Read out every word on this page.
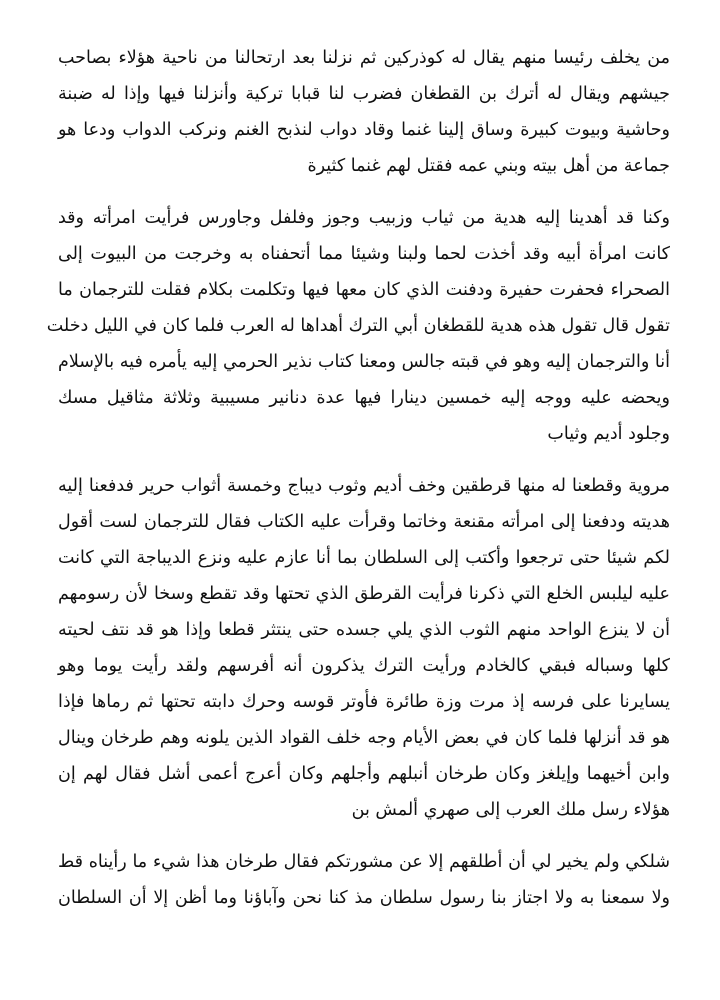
من يخلف رئيسا منهم يقال له كوذركين ثم نزلنا بعد ارتحالنا من ناحية هؤلاء بصاحب
جيشهم ويقال له أترك بن القطغان فضرب لنا قبابا تركية وأنزلنا فيها وإذا له ضبنة
وحاشية وبيوت كبيرة وساق إلينا غنما وقاد دواب لنذبح الغنم ونركب الدواب ودعا هو
جماعة من أهل بيته وبني عمه فقتل لهم غنما كثيرة

وكنا قد أهدينا إليه هدية من ثياب وزبيب وجوز وفلفل وجاورس فرأيت امرأته وقد
كانت امرأة أبيه وقد أخذت لحما ولبنا وشيئا مما أتحفناه به وخرجت من البيوت إلى
الصحراء فحفرت حفيرة ودفنت الذي كان معها فيها وتكلمت بكلام فقلت للترجمان ما
تقول قال تقول هذه هدية للقطغان أبي الترك أهداها له العرب فلما كان في الليل دخلت
أنا والترجمان إليه وهو في قبته جالس ومعنا كتاب نذير الحرمي إليه يأمره فيه بالإسلام
ويحضه عليه ووجه إليه خمسين دينارا فيها عدة دنانير مسيبية وثلاثة مثاقيل مسك
وجلود أديم وثياب

مروية وقطعنا له منها قرطقين وخف أديم وثوب ديباج وخمسة أثواب حرير فدفعنا إليه
هديته ودفعنا إلى امرأته مقنعة وخاتما وقرأت عليه الكتاب فقال للترجمان لست أقول
لكم شيئا حتى ترجعوا وأكتب إلى السلطان بما أنا عازم عليه ونزع الديباجة التي كانت
عليه ليلبس الخلع التي ذكرنا فرأيت القرطق الذي تحتها وقد تقطع وسخا لأن رسومهم
أن لا ينزع الواحد منهم الثوب الذي يلي جسده حتى ينتثر قطعا وإذا هو قد نتف لحيته
كلها وسباله فبقي كالخادم ورأيت الترك يذكرون أنه أفرسهم ولقد رأيت يوما وهو
يسايرنا على فرسه إذ مرت وزة طائرة فأوتر قوسه وحرك دابته تحتها ثم رماها فإذا
هو قد أنزلها فلما كان في بعض الأيام وجه خلف القواد الذين يلونه وهم طرخان وينال
وابن أخيهما وإيلغز وكان طرخان أنبلهم وأجلهم وكان أعرج أعمى أشل فقال لهم إن
هؤلاء رسل ملك العرب إلى صهري ألمش بن

شلكي ولم يخير لي أن أطلقهم إلا عن مشورتكم فقال طرخان هذا شيء ما رأيناه قط
ولا سمعنا به ولا اجتاز بنا رسول سلطان مذ كنا نحن وآباؤنا وما أظن إلا أن السلطان
